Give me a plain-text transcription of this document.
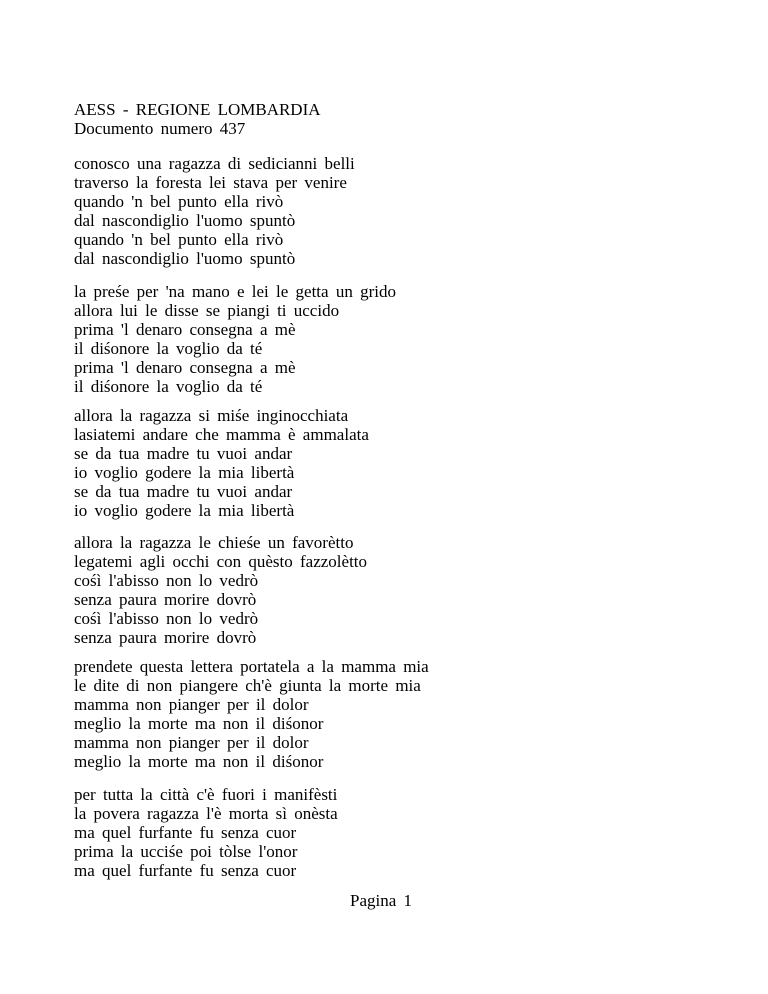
AESS - REGIONE LOMBARDIA
Documento numero 437
conosco una ragazza di sedicianni belli
traverso la foresta lei stava per venire
quando 'n bel punto ella rivò
dal nascondiglio l'uomo spuntò
quando 'n bel punto ella rivò
dal nascondiglio l'uomo spuntò
la preśe per 'na mano e lei le getta un grido
allora lui le disse se piangi ti uccido
prima 'l denaro consegna a mè
il diśonore la voglio da té
prima 'l denaro consegna a mè
il diśonore la voglio da té
allora la ragazza si miśe inginocchiata
lasiatemi andare che mamma è ammalata
se da tua madre tu vuoi andar
io voglio godere la mia libertà
se da tua madre tu vuoi andar
io voglio godere la mia libertà
allora la ragazza le chieśe un favorètto
legatemi agli occhi con quèsto fazzolètto
cośì l'abisso non lo vedrò
senza paura morire dovrò
cośì l'abisso non lo vedrò
senza paura morire dovrò
prendete questa lettera portatela a la mamma mia
le dite di non piangere ch'è giunta la morte mia
mamma non pianger per il dolor
meglio la morte ma non il diśonor
mamma non pianger per il dolor
meglio la morte ma non il diśonor
per tutta la città c'è fuori i manifèsti
la povera ragazza l'è morta sì onèsta
ma quel furfante fu senza cuor
prima la ucciśe poi tòlse l'onor
ma quel furfante fu senza cuor
Pagina 1
